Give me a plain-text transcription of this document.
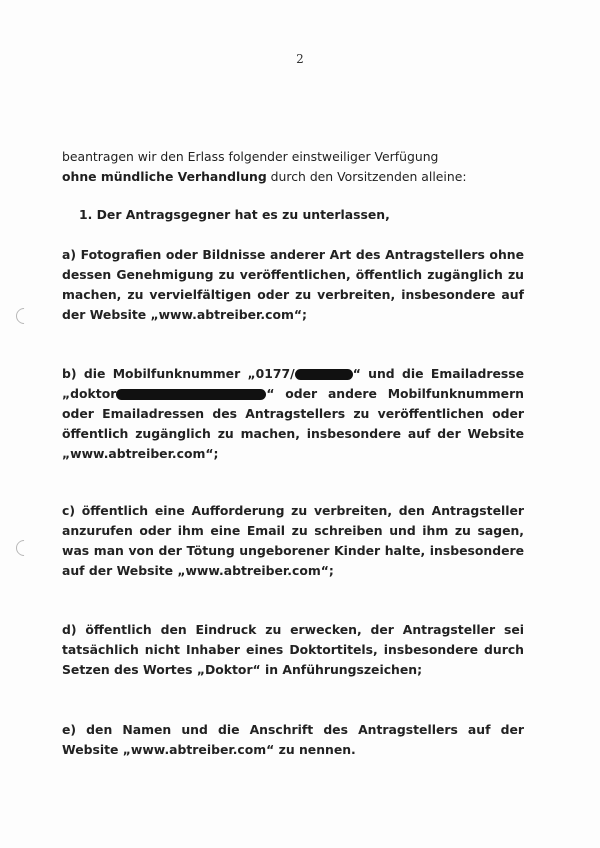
2

beantragen wir den Erlass folgender einstweiliger Verfügung
ohne mündliche Verhandlung durch den Vorsitzenden alleine:

1. Der Antragsgegner hat es zu unterlassen,

a) Fotografien oder Bildnisse anderer Art des Antragstellers ohne dessen Genehmigung zu veröffentlichen, öffentlich zugänglich zu machen, zu vervielfältigen oder zu verbreiten, insbesondere auf der Website „www.abtreiber.com“;

b) die Mobilfunknummer „0177/	“ und die Emailadresse „doktor	“ oder andere Mobilfunknummern oder Emailadressen des Antragstellers zu veröffentlichen oder öffentlich zugänglich zu machen, insbesondere auf der Website „www.abtreiber.com“;

c) öffentlich eine Aufforderung zu verbreiten, den Antragsteller anzurufen oder ihm eine Email zu schreiben und ihm zu sagen, was man von der Tötung ungeborener Kinder halte, insbesondere auf der Website „www.abtreiber.com“;

d) öffentlich den Eindruck zu erwecken, der Antragsteller sei tatsächlich nicht Inhaber eines Doktortitels, insbesondere durch Setzen des Wortes „Doktor“ in Anführungszeichen;

e) den Namen und die Anschrift des Antragstellers auf der Website „www.abtreiber.com“ zu nennen.
